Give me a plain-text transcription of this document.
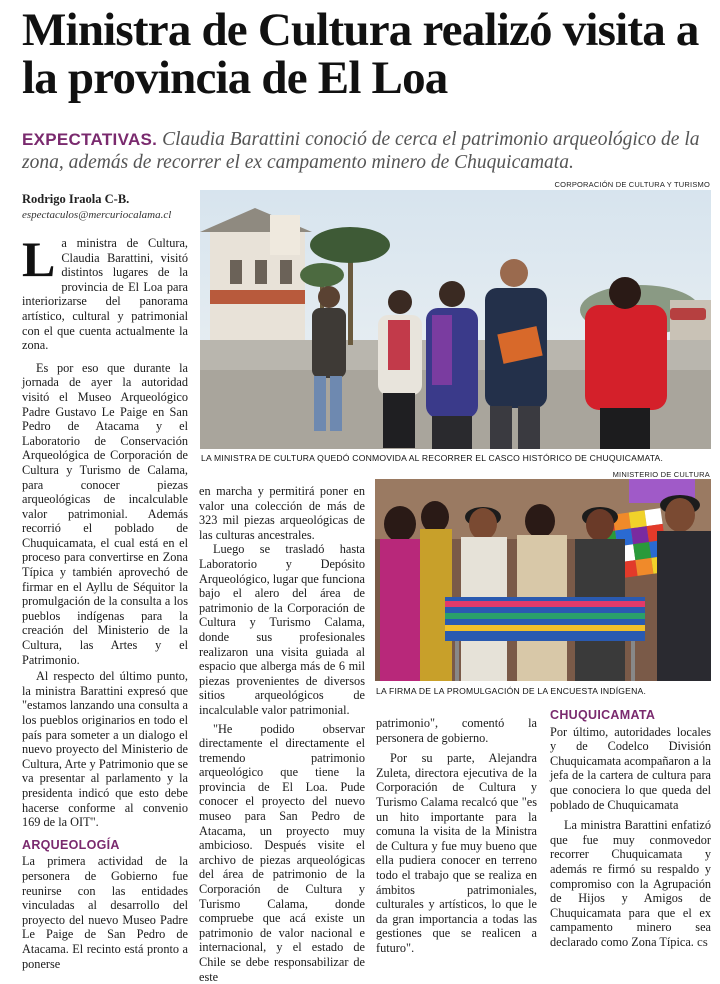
Ministra de Cultura realizó visita a la provincia de El Loa
EXPECTATIVAS. Claudia Barattini conoció de cerca el patrimonio arqueológico de la zona, además de recorrer el ex campamento minero de Chuquicamata.
Rodrigo Iraola C-B.
espectaculos@mercuriocalama.cl

La ministra de Cultura, Claudia Barattini, visitó distintos lugares de la provincia de El Loa para interiorizarse del panorama artístico, cultural y patrimonial con el que cuenta actualmente la zona.

Es por eso que durante la jornada de ayer la autoridad visitó el Museo Arqueológico Padre Gustavo Le Paige en San Pedro de Atacama y el Laboratorio de Conservación Arqueológica de Corporación de Cultura y Turismo de Calama, para conocer piezas arqueológicas de incalculable valor patrimonial. Además recorrió el poblado de Chuquicamata, el cual está en el proceso para convertirse en Zona Típica y también aprovechó de firmar en el Ayllu de Séquitor la promulgación de la consulta a los pueblos indígenas para la creación del Ministerio de la Cultura, las Artes y el Patrimonio.

Al respecto del último punto, la ministra Barattini expresó que "estamos lanzando una consulta a los pueblos originarios en todo el país para someter a un dialogo el nuevo proyecto del Ministerio de Cultura, Arte y Patrimonio que se va presentar al parlamento y la presidenta indicó que esto debe hacerse conforme al convenio 169 de la OIT".

ARQUEOLOGÍA

La primera actividad de la personera de Gobierno fue reunirse con las entidades vinculadas al desarrollo del proyecto del nuevo Museo Padre Le Paige de San Pedro de Atacama. El recinto está pronto a ponerse

CORPORACIÓN DE CULTURA Y TURISMO
LA MINISTRA DE CULTURA QUEDÓ CONMOVIDA AL RECORRER EL CASCO HISTÓRICO DE CHUQUICAMATA.
MINISTERIO DE CULTURA
LA FIRMA DE LA PROMULGACIÓN DE LA ENCUESTA INDÍGENA.

en marcha y permitirá poner en valor una colección de más de 323 mil piezas arqueológicas de las culturas ancestrales.

Luego se trasladó hasta Laboratorio y Depósito Arqueológico, lugar que funciona bajo el alero del área de patrimonio de la Corporación de Cultura y Turismo Calama, donde sus profesionales realizaron una visita guiada al espacio que alberga más de 6 mil piezas provenientes de diversos sitios arqueológicos de incalculable valor patrimonial.

"He podido observar directamente el directamente el tremendo patrimonio arqueológico que tiene la provincia de El Loa. Pude conocer el proyecto del nuevo museo para San Pedro de Atacama, un proyecto muy ambicioso. Después visite el archivo de piezas arqueológicas del área de patrimonio de la Corporación de Cultura y Turismo Calama, donde compruebe que acá existe un patrimonio de valor nacional e internacional, y el estado de Chile se debe responsabilizar de este

patrimonio", comentó la personera de gobierno.

Por su parte, Alejandra Zuleta, directora ejecutiva de la Corporación de Cultura y Turismo Calama recalcó que "es un hito importante para la comuna la visita de la Ministra de Cultura y fue muy bueno que ella pudiera conocer en terreno todo el trabajo que se realiza en ámbitos patrimoniales, culturales y artísticos, lo que le da gran importancia a todas las gestiones que se realicen a futuro".

CHUQUICAMATA

Por último, autoridades locales y de Codelco División Chuquicamata acompañaron a la jefa de la cartera de cultura para que conociera lo que queda del poblado de Chuquicamata

La ministra Barattini enfatizó que fue muy conmovedor recorrer Chuquicamata y además re firmó su respaldo y compromiso con la Agrupación de Hijos y Amigos de Chuquicamata para que el ex campamento minero sea declarado como Zona Típica. cs
